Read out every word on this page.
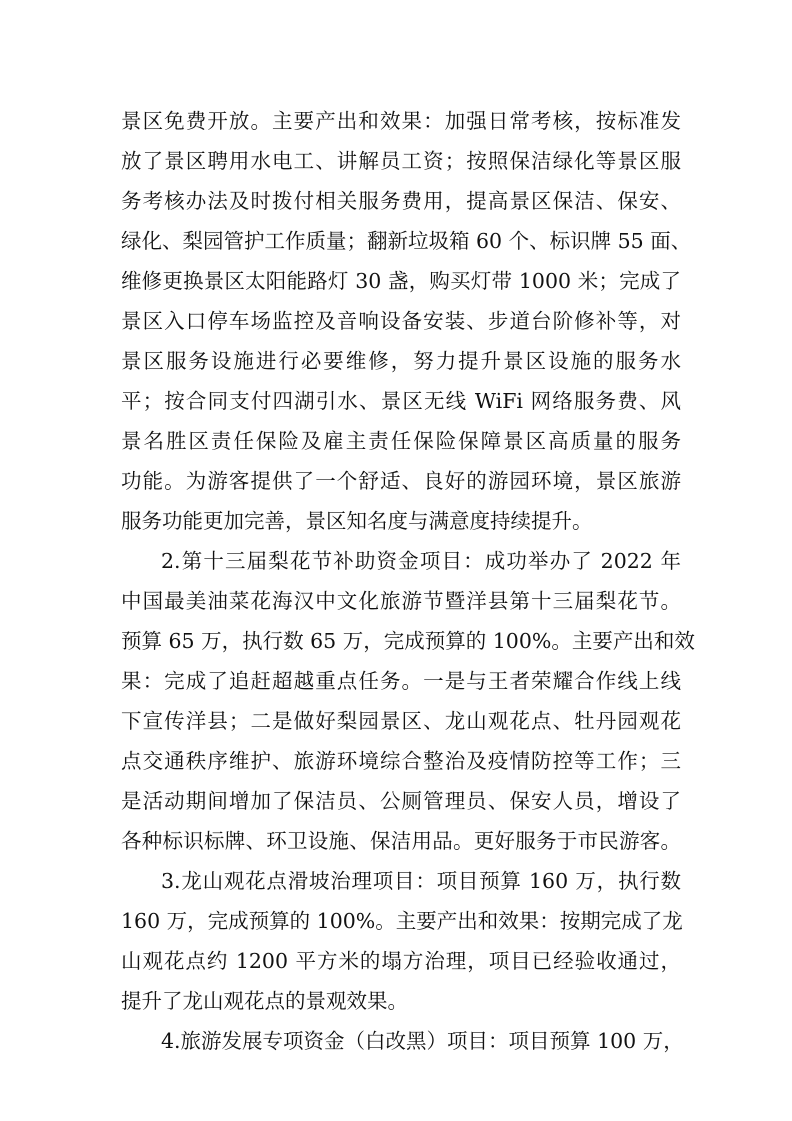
景区免费开放。主要产出和效果：加强日常考核，按标准发
放了景区聘用水电工、讲解员工资；按照保洁绿化等景区服
务考核办法及时拨付相关服务费用，提高景区保洁、保安、
绿化、梨园管护工作质量；翻新垃圾箱 60 个、标识牌 55 面、
维修更换景区太阳能路灯 30 盏，购买灯带 1000 米；完成了
景区入口停车场监控及音响设备安装、步道台阶修补等，对
景区服务设施进行必要维修，努力提升景区设施的服务水
平；按合同支付四湖引水、景区无线 WiFi 网络服务费、风
景名胜区责任保险及雇主责任保险保障景区高质量的服务
功能。为游客提供了一个舒适、良好的游园环境，景区旅游
服务功能更加完善，景区知名度与满意度持续提升。
2.第十三届梨花节补助资金项目：成功举办了 2022 年
中国最美油菜花海汉中文化旅游节暨洋县第十三届梨花节。
预算 65 万，执行数 65 万，完成预算的 100%。主要产出和效
果：完成了追赶超越重点任务。一是与王者荣耀合作线上线
下宣传洋县；二是做好梨园景区、龙山观花点、牡丹园观花
点交通秩序维护、旅游环境综合整治及疫情防控等工作；三
是活动期间增加了保洁员、公厕管理员、保安人员，增设了
各种标识标牌、环卫设施、保洁用品。更好服务于市民游客。
3.龙山观花点滑坡治理项目：项目预算 160 万，执行数
160 万，完成预算的 100%。主要产出和效果：按期完成了龙
山观花点约 1200 平方米的塌方治理，项目已经验收通过，
提升了龙山观花点的景观效果。
4.旅游发展专项资金（白改黑）项目：项目预算 100 万，
